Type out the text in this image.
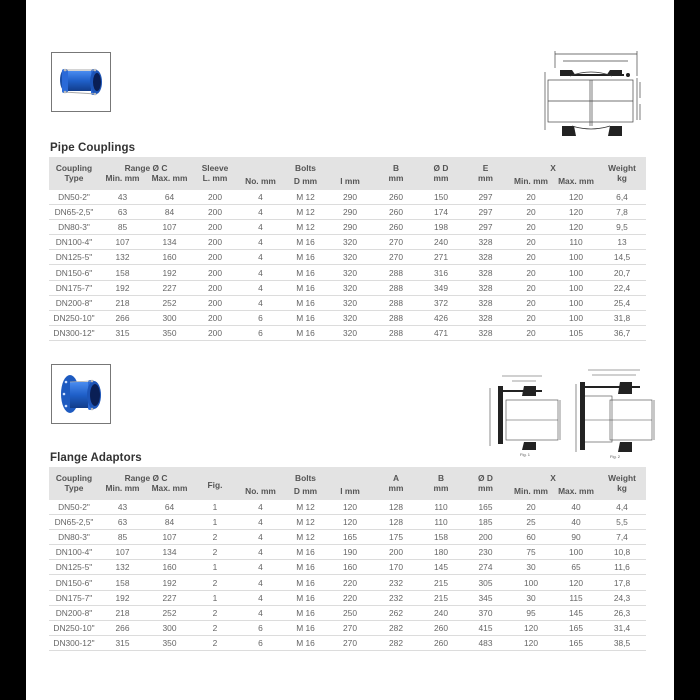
Pipe Couplings
Coupling	Range Ø C		Sleeve		Bolts		B	Ø D	E	X		Weight
Type	Min. mm	Max. mm	L. mm	No. mm	D mm	l mm	mm	mm	mm	Min. mm	Max. mm	kg
DN50-2"	43	64	200	4	M 12	290	260	150	297	20	120	6,4
DN65-2,5"	63	84	200	4	M 12	290	260	174	297	20	120	7,8
DN80-3"	85	107	200	4	M 12	290	260	198	297	20	120	9,5
DN100-4"	107	134	200	4	M 16	320	270	240	328	20	110	13
DN125-5"	132	160	200	4	M 16	320	270	271	328	20	100	14,5
DN150-6"	158	192	200	4	M 16	320	288	316	328	20	100	20,7
DN175-7"	192	227	200	4	M 16	320	288	349	328	20	100	22,4
DN200-8"	218	252	200	4	M 16	320	288	372	328	20	100	25,4
DN250-10"	266	300	200	6	M 16	320	288	426	328	20	100	31,8
DN300-12"	315	350	200	6	M 16	320	288	471	328	20	105	36,7
Fig. 1	Fig. 2
Flange Adaptors
Coupling	Range Ø C		Fig.		Bolts		A	B	Ø D	X		Weight
Type	Min. mm	Max. mm		No. mm	D mm	l mm	mm	mm	mm	Min. mm	Max. mm	kg
DN50-2"	43	64	1	4	M 12	120	128	110	165	20	40	4,4
DN65-2,5"	63	84	1	4	M 12	120	128	110	185	25	40	5,5
DN80-3"	85	107	2	4	M 12	165	175	158	200	60	90	7,4
DN100-4"	107	134	2	4	M 16	190	200	180	230	75	100	10,8
DN125-5"	132	160	1	4	M 16	160	170	145	274	30	65	11,6
DN150-6"	158	192	2	4	M 16	220	232	215	305	100	120	17,8
DN175-7"	192	227	1	4	M 16	220	232	215	345	30	115	24,3
DN200-8"	218	252	2	4	M 16	250	262	240	370	95	145	26,3
DN250-10"	266	300	2	6	M 16	270	282	260	415	120	165	31,4
DN300-12"	315	350	2	6	M 16	270	282	260	483	120	165	38,5
